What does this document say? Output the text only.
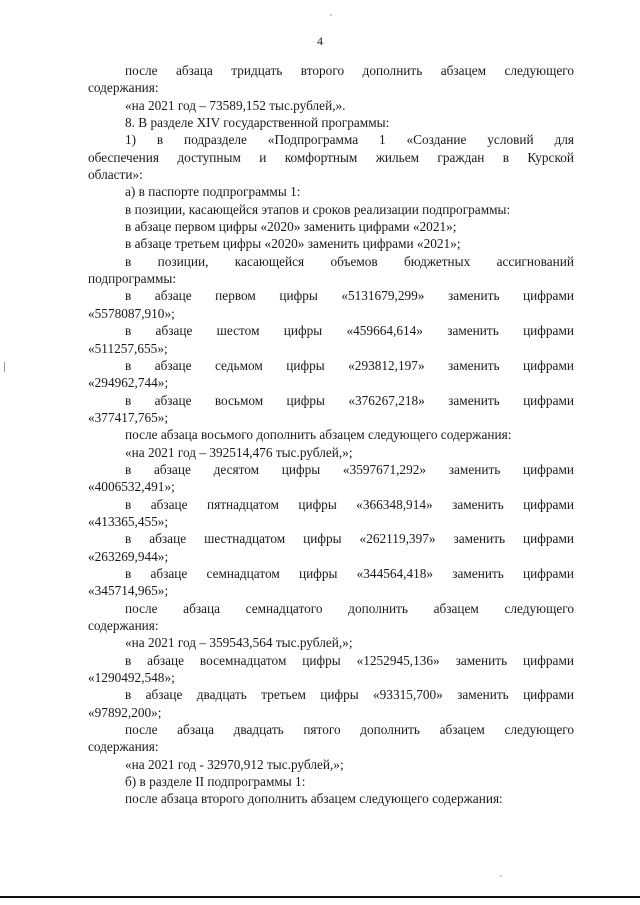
4

после абзаца тридцать второго дополнить абзацем следующего

содержания:

«на 2021 год – 73589,152 тыс.рублей,».

8. В разделе XIV государственной программы:

1) в подразделе «Подпрограмма 1 «Создание условий для

обеспечения доступным и комфортным жильем граждан в Курской

области»:

а) в паспорте подпрограммы 1:

в позиции, касающейся этапов и сроков реализации подпрограммы:

в абзаце первом цифры «2020» заменить цифрами «2021»;

в абзаце третьем цифры «2020» заменить цифрами «2021»;

в позиции, касающейся объемов бюджетных ассигнований

подпрограммы:

в абзаце первом цифры «5131679,299» заменить цифрами

«5578087,910»;

в абзаце шестом цифры «459664,614» заменить цифрами

«511257,655»;

в абзаце седьмом цифры «293812,197» заменить цифрами

«294962,744»;

в абзаце восьмом цифры «376267,218» заменить цифрами

«377417,765»;

после абзаца восьмого дополнить абзацем следующего содержания:

«на 2021 год – 392514,476 тыс.рублей,»;

в абзаце десятом цифры «3597671,292» заменить цифрами

«4006532,491»;

в абзаце пятнадцатом цифры «366348,914» заменить цифрами

«413365,455»;

в абзаце шестнадцатом цифры «262119,397» заменить цифрами

«263269,944»;

в абзаце семнадцатом цифры «344564,418» заменить цифрами

«345714,965»;

после абзаца семнадцатого дополнить абзацем следующего

содержания:

«на 2021 год – 359543,564 тыс.рублей,»;

в абзаце восемнадцатом цифры «1252945,136» заменить цифрами

«1290492,548»;

в абзаце двадцать третьем цифры «93315,700» заменить цифрами

«97892,200»;

после абзаца двадцать пятого дополнить абзацем следующего

содержания:

«на 2021 год - 32970,912 тыс.рублей,»;

б) в разделе II подпрограммы 1:

после абзаца второго дополнить абзацем следующего содержания:
